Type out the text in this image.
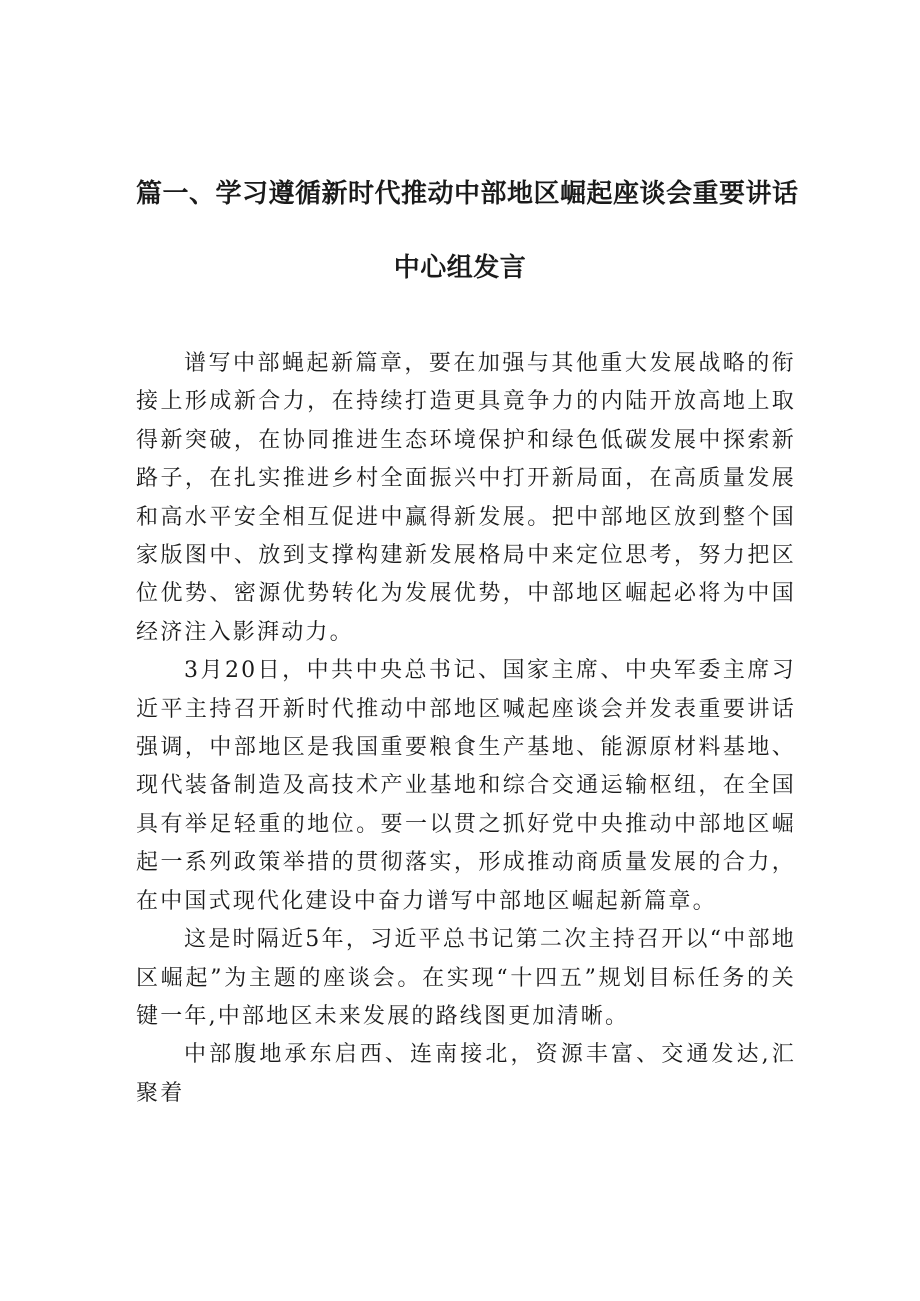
篇一、学习遵循新时代推动中部地区崛起座谈会重要讲话
中心组发言

谱写中部蝇起新篇章，要在加强与其他重大发展战略的衔接上形成新合力，在持续打造更具竟争力的内陆开放高地上取得新突破，在协同推进生态环境保护和绿色低碳发展中探索新路子，在扎实推进乡村全面振兴中打开新局面，在高质量发展和高水平安全相互促进中赢得新发展。把中部地区放到整个国家版图中、放到支撑构建新发展格局中来定位思考，努力把区位优势、密源优势转化为发展优势，中部地区崛起必将为中国经济注入影湃动力。

3月20日，中共中央总书记、国家主席、中央军委主席习近平主持召开新时代推动中部地区喊起座谈会并发表重要讲话强调，中部地区是我国重要粮食生产基地、能源原材料基地、现代装备制造及高技术产业基地和综合交通运输枢纽，在全国具有举足轻重的地位。要一以贯之抓好党中央推动中部地区崛起一系列政策举措的贯彻落实，形成推动商质量发展的合力，在中国式现代化建设中奋力谱写中部地区崛起新篇章。

这是时隔近5年，习近平总书记第二次主持召开以“中部地区崛起”为主题的座谈会。在实现“十四五”规划目标任务的关键一年,中部地区未来发展的路线图更加清晰。

中部腹地承东启西、连南接北，资源丰富、交通发达,汇聚着
